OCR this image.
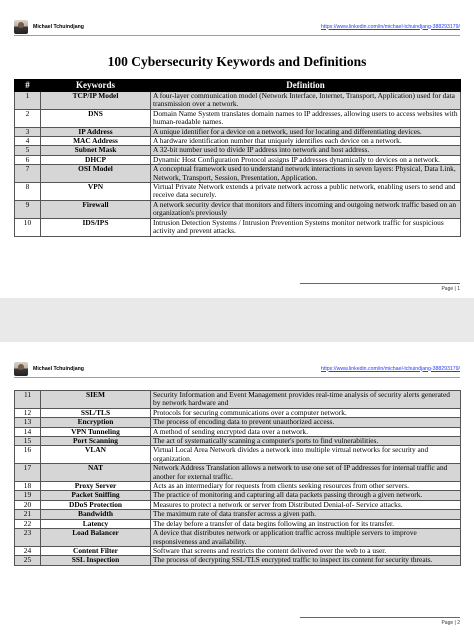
Michael Tchuindjang	https://www.linkedin.com/in/michael-tchuindjang-388293179/
100 Cybersecurity Keywords and Definitions
#	Keywords	Definition
1	TCP/IP Model	A four-layer communication model (Network Interface, Internet, Transport, Application) used for data transmission over a network.
2	DNS	Domain Name System translates domain names to IP addresses, allowing users to access websites with human-readable names.
3	IP Address	A unique identifier for a device on a network, used for locating and differentiating devices.
4	MAC Address	A hardware identification number that uniquely identifies each device on a network.
5	Subnet Mask	A 32-bit number used to divide IP address into network and host address.
6	DHCP	Dynamic Host Configuration Protocol assigns IP addresses dynamically to devices on a network.
7	OSI Model	A conceptual framework used to understand network interactions in seven layers: Physical, Data Link, Network, Transport, Session, Presentation, Application.
8	VPN	Virtual Private Network extends a private network across a public network, enabling users to send and receive data securely.
9	Firewall	A network security device that monitors and filters incoming and outgoing network traffic based on an organization's previously
10	IDS/IPS	Intrusion Detection Systems / Intrusion Prevention Systems monitor network traffic for suspicious activity and prevent attacks.
Page | 1
Michael Tchuindjang	https://www.linkedin.com/in/michael-tchuindjang-388293179/
11	SIEM	Security Information and Event Management provides real-time analysis of security alerts generated by network hardware and
12	SSL/TLS	Protocols for securing communications over a computer network.
13	Encryption	The process of encoding data to prevent unauthorized access.
14	VPN Tunneling	A method of sending encrypted data over a network.
15	Port Scanning	The act of systematically scanning a computer's ports to find vulnerabilities.
16	VLAN	Virtual Local Area Network divides a network into multiple virtual networks for security and organization.
17	NAT	Network Address Translation allows a network to use one set of IP addresses for internal traffic and another for external traffic.
18	Proxy Server	Acts as an intermediary for requests from clients seeking resources from other servers.
19	Packet Sniffing	The practice of monitoring and capturing all data packets passing through a given network.
20	DDoS Protection	Measures to protect a network or server from Distributed Denial-of- Service attacks.
21	Bandwidth	The maximum rate of data transfer across a given path.
22	Latency	The delay before a transfer of data begins following an instruction for its transfer.
23	Load Balancer	A device that distributes network or application traffic across multiple servers to improve responsiveness and availability.
24	Content Filter	Software that screens and restricts the content delivered over the web to a user.
25	SSL Inspection	The process of decrypting SSL/TLS encrypted traffic to inspect its content for security threats.
Page | 2
